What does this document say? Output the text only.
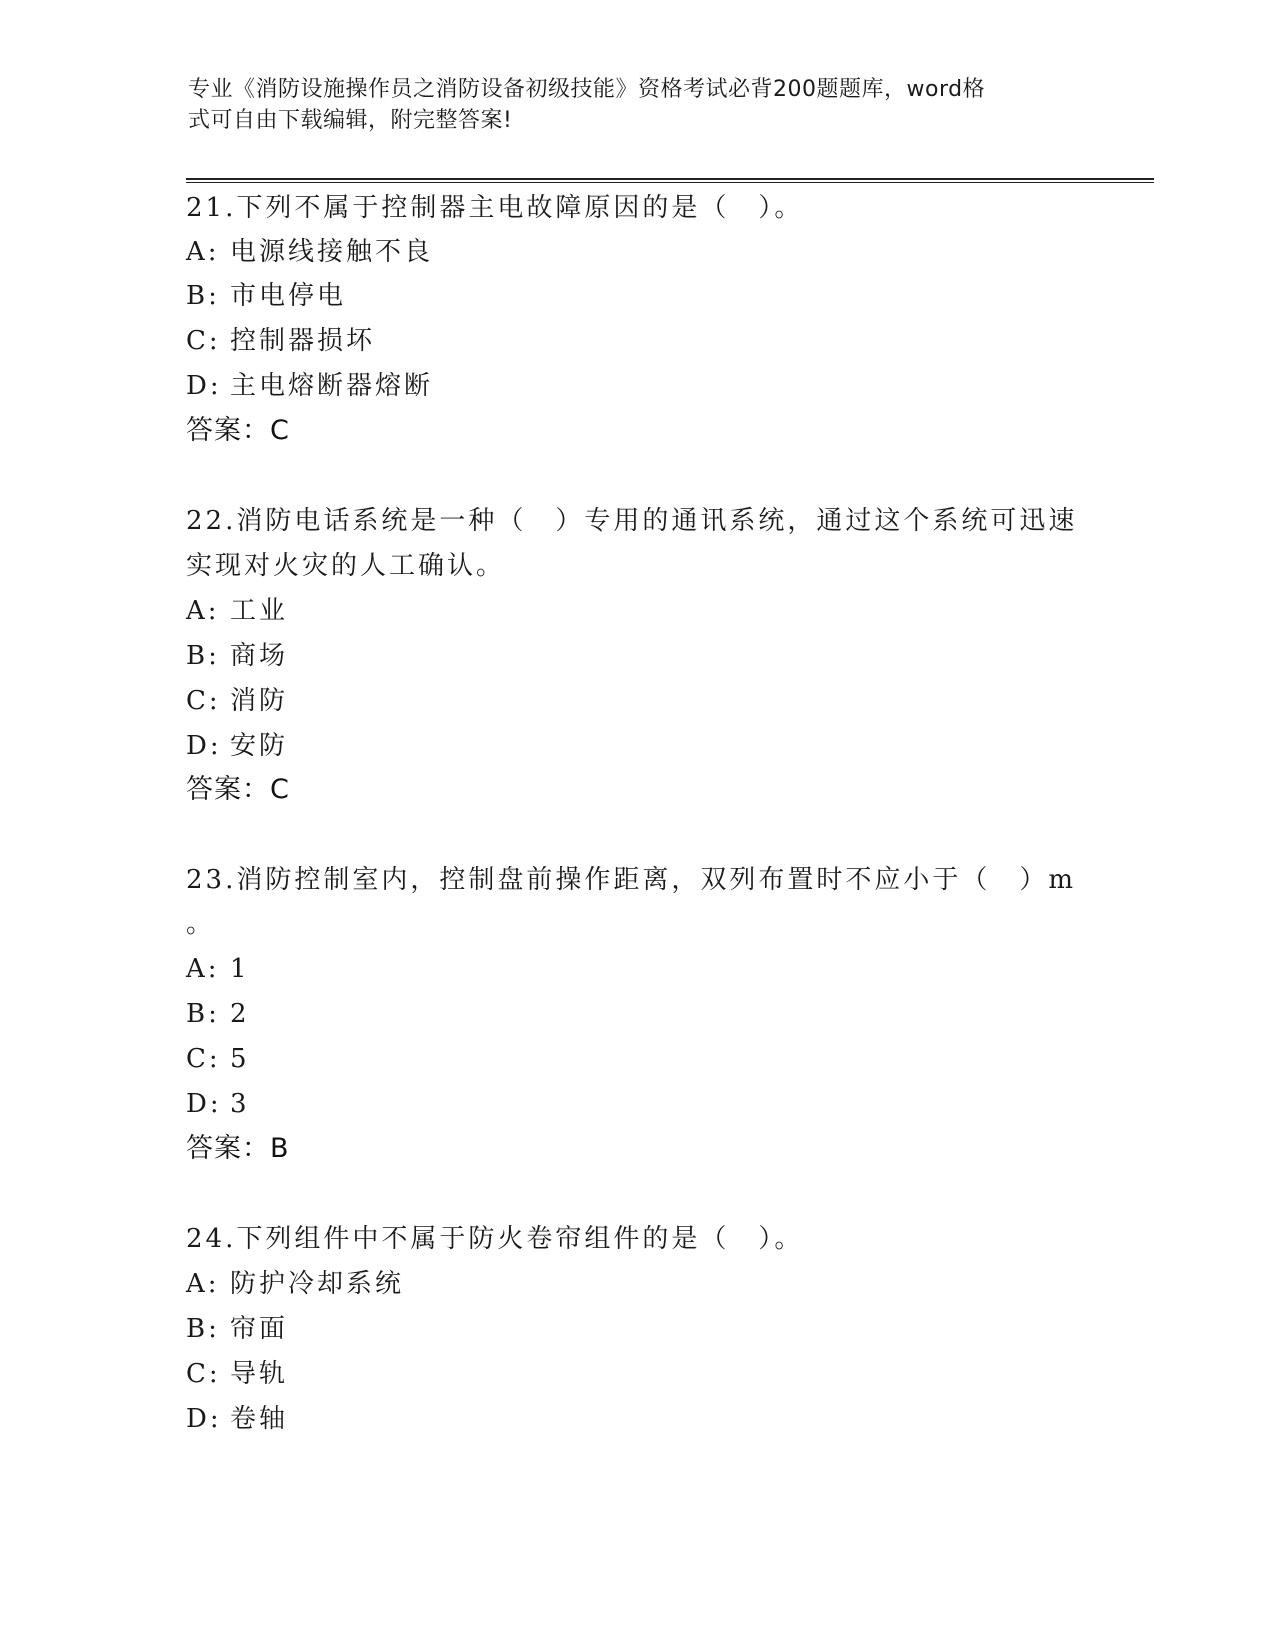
专业《消防设施操作员之消防设备初级技能》资格考试必背200题题库，word格
式可自由下载编辑，附完整答案!
21.下列不属于控制器主电故障原因的是（　）。
A: 电源线接触不良
B: 市电停电
C: 控制器损坏
D: 主电熔断器熔断
答案：C
22.消防电话系统是一种（　）专用的通讯系统，通过这个系统可迅速
实现对火灾的人工确认。
A: 工业
B: 商场
C: 消防
D: 安防
答案：C
23.消防控制室内，控制盘前操作距离，双列布置时不应小于（　）m
。
A: 1
B: 2
C: 5
D: 3
答案：B
24.下列组件中不属于防火卷帘组件的是（　）。
A: 防护冷却系统
B: 帘面
C: 导轨
D: 卷轴
